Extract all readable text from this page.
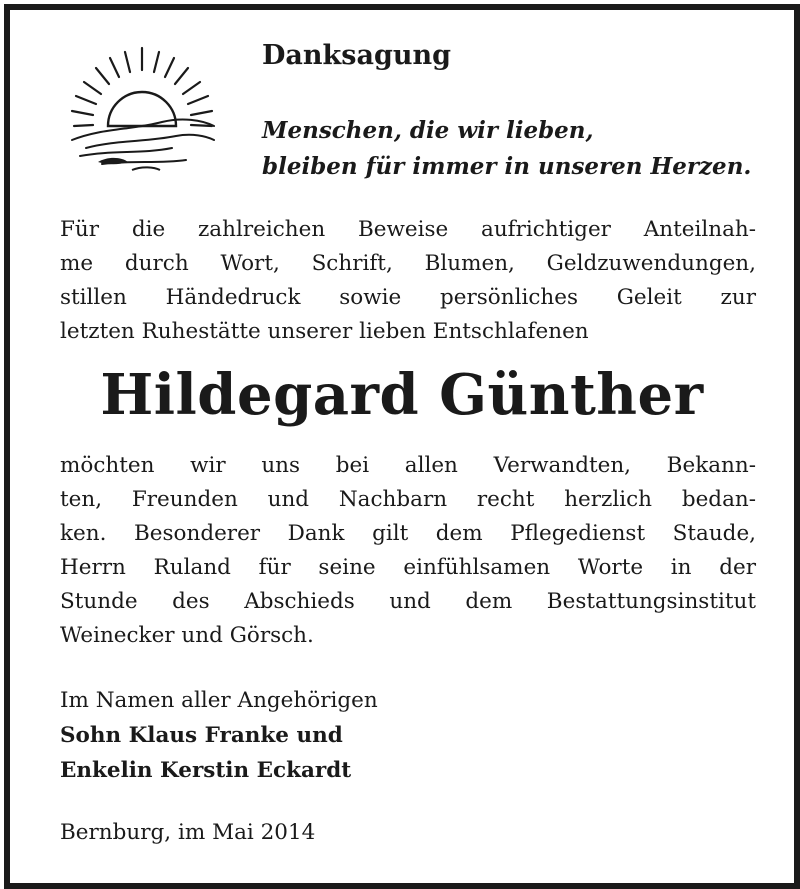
Danksagung

Menschen, die wir lieben,
bleiben für immer in unseren Herzen.

Für die zahlreichen Beweise aufrichtiger Anteilnah-
me durch Wort, Schrift, Blumen, Geldzuwendungen,
stillen Händedruck sowie persönliches Geleit zur
letzten Ruhestätte unserer lieben Entschlafenen

Hildegard Günther

möchten wir uns bei allen Verwandten, Bekann-
ten, Freunden und Nachbarn recht herzlich bedan-
ken. Besonderer Dank gilt dem Pflegedienst Staude,
Herrn Ruland für seine einfühlsamen Worte in der
Stunde des Abschieds und dem Bestattungsinstitut
Weinecker und Görsch.

Im Namen aller Angehörigen
Sohn Klaus Franke und
Enkelin Kerstin Eckardt

Bernburg, im Mai 2014
